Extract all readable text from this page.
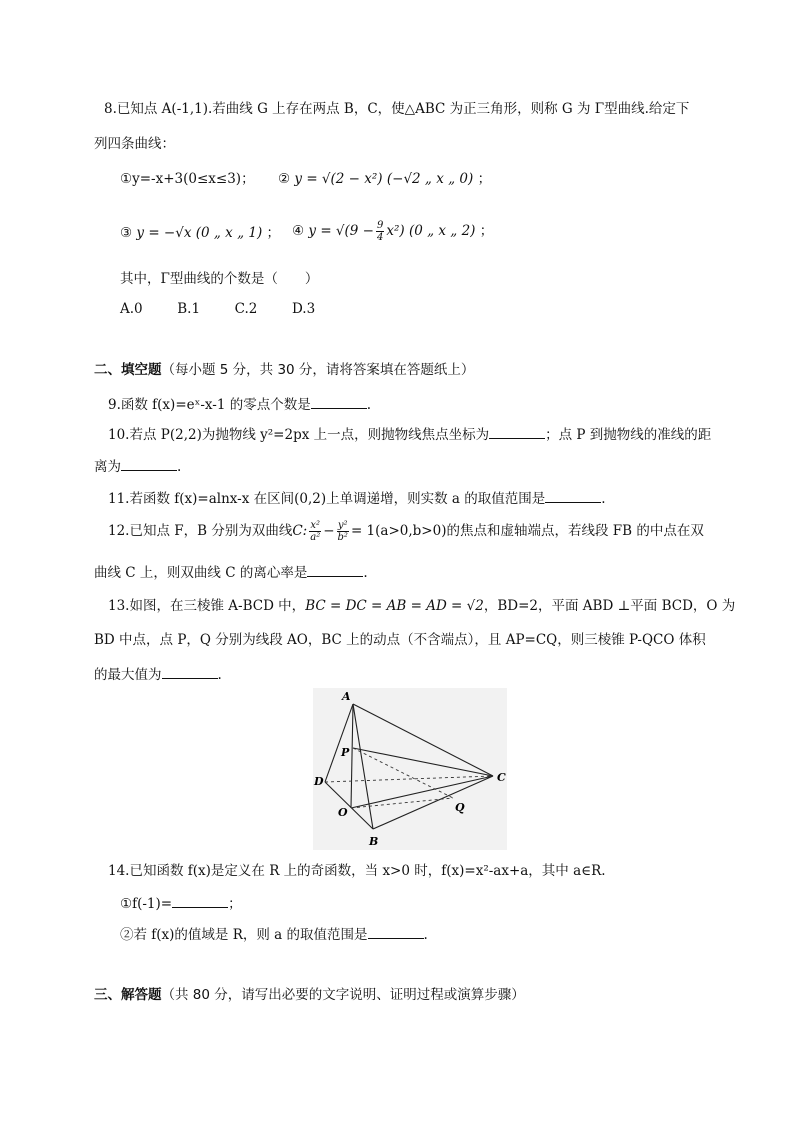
8.已知点 A(-1,1).若曲线 G 上存在两点 B，C，使△ABC 为正三角形，则称 G 为 Γ型曲线.给定下
列四条曲线：
①y=-x+3(0≤x≤3)； ② y = √(2 − x²) (−√2 „ x „ 0) ；
③ y = −√x (0 „ x „ 1) ； ④ $y = √(9 - \frac{9}{4} x^2)$ (0 „ x „ 2) ；
其中，Γ型曲线的个数是（　　）
A.0	B.1	C.2	D.3
二、填空题（每小题 5 分，共 30 分，请将答案填在答题纸上）
9.函数 f(x)=eˣ-x-1 的零点个数是	.
10.若点 P(2,2)为抛物线 y²=2px 上一点，则抛物线焦点坐标为	；点 P 到抛物线的准线的距
离为	.
11.若函数 f(x)=alnx-x 在区间(0,2)上单调递增，则实数 a 的取值范围是	.
12.已知点 F，B 分别为双曲线C: $\frac{\text{x²}}{\text{a²}} - \frac{\text{y²}}{\text{b²}} = 1(a>0,b>0)$的焦点和虚轴端点，若线段 FB 的中点在双
曲线 C 上，则双曲线 C 的离心率是	.
13.如图，在三棱锥 A-BCD 中，BC = DC = AB = AD = √2，BD=2，平面 ABD ⊥平面 BCD，O 为
BD 中点，点 P，Q 分别为线段 AO，BC 上的动点（不含端点），且 AP=CQ，则三棱锥 P-QCO 体积
的最大值为	.
A
B
C
D
O
P
Q
14.已知函数 f(x)是定义在 R 上的奇函数，当 x>0 时，f(x)=x²-ax+a，其中 a∈R.
①f(-1)=	；
②若 f(x)的值域是 R，则 a 的取值范围是	.
三、解答题（共 80 分，请写出必要的文字说明、证明过程或演算步骤）
